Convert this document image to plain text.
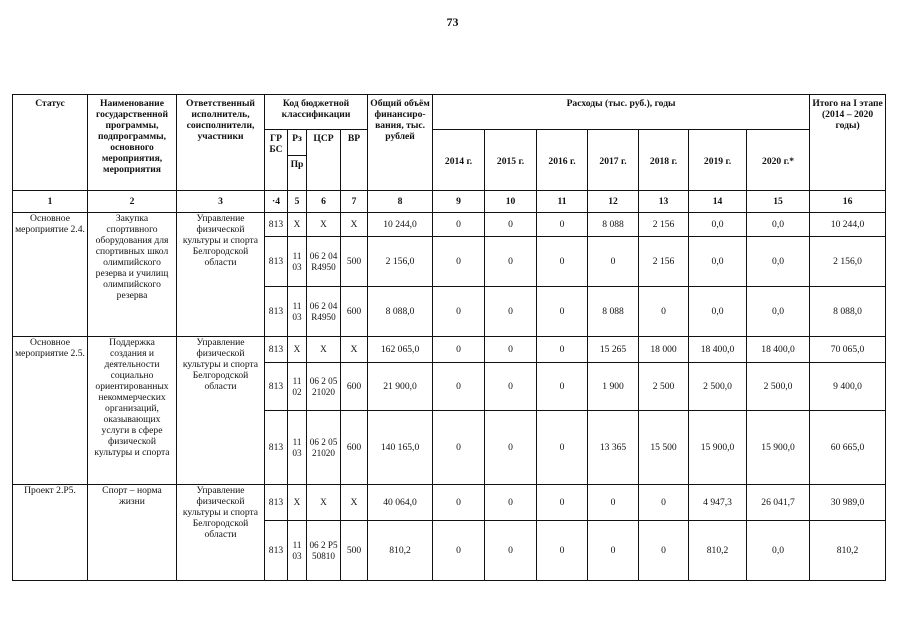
73
Статус	Наименование государственной программы, подпрограммы, основного мероприятия, мероприятия	Ответственный исполнитель, соисполнители, участники	Код бюджетной классификации				Общий объём финансиро-вания, тыс. рублей	Расходы (тыс. руб.), годы							Итого на I этапе (2014 – 2020 годы)
			ГР БС	Рз	ЦСР	ВР		2014 г.	2015 г.	2016 г.	2017 г.	2018 г.	2019 г.	2020 г.*	
				Пр											
1	2	3	·4	5	6	7	8	9	10	11	12	13	14	15	16
Основное мероприятие 2.4.	Закупка спортивного оборудования для спортивных школ олимпийского резерва и училищ олимпийского резерва	Управление физической культуры и спорта Белгородской области	813	Х	Х	Х	10 244,0	0	0	0	8 088	2 156	0,0	0,0	10 244,0
			813	11 03	06 2 04 R4950	500	2 156,0	0	0	0	0	2 156	0,0	0,0	2 156,0
			813	11 03	06 2 04 R4950	600	8 088,0	0	0	0	8 088	0	0,0	0,0	8 088,0
Основное мероприятие 2.5.	Поддержка создания и деятельности социально ориентированных некоммерческих организаций, оказывающих услуги в сфере физической культуры и спорта	Управление физической культуры и спорта Белгородской области	813	Х	Х	Х	162 065,0	0	0	0	15 265	18 000	18 400,0	18 400,0	70 065,0
			813	11 02	06 2 05 21020	600	21 900,0	0	0	0	1 900	2 500	2 500,0	2 500,0	9 400,0
			813	11 03	06 2 05 21020	600	140 165,0	0	0	0	13 365	15 500	15 900,0	15 900,0	60 665,0
Проект 2.Р5.	Спорт – норма жизни	Управление физической культуры и спорта Белгородской области	813	Х	Х	Х	40 064,0	0	0	0	0	0	4 947,3	26 041,7	30 989,0
			813	11 03	06 2 Р5 50810	500	810,2	0	0	0	0	0	810,2	0,0	810,2
